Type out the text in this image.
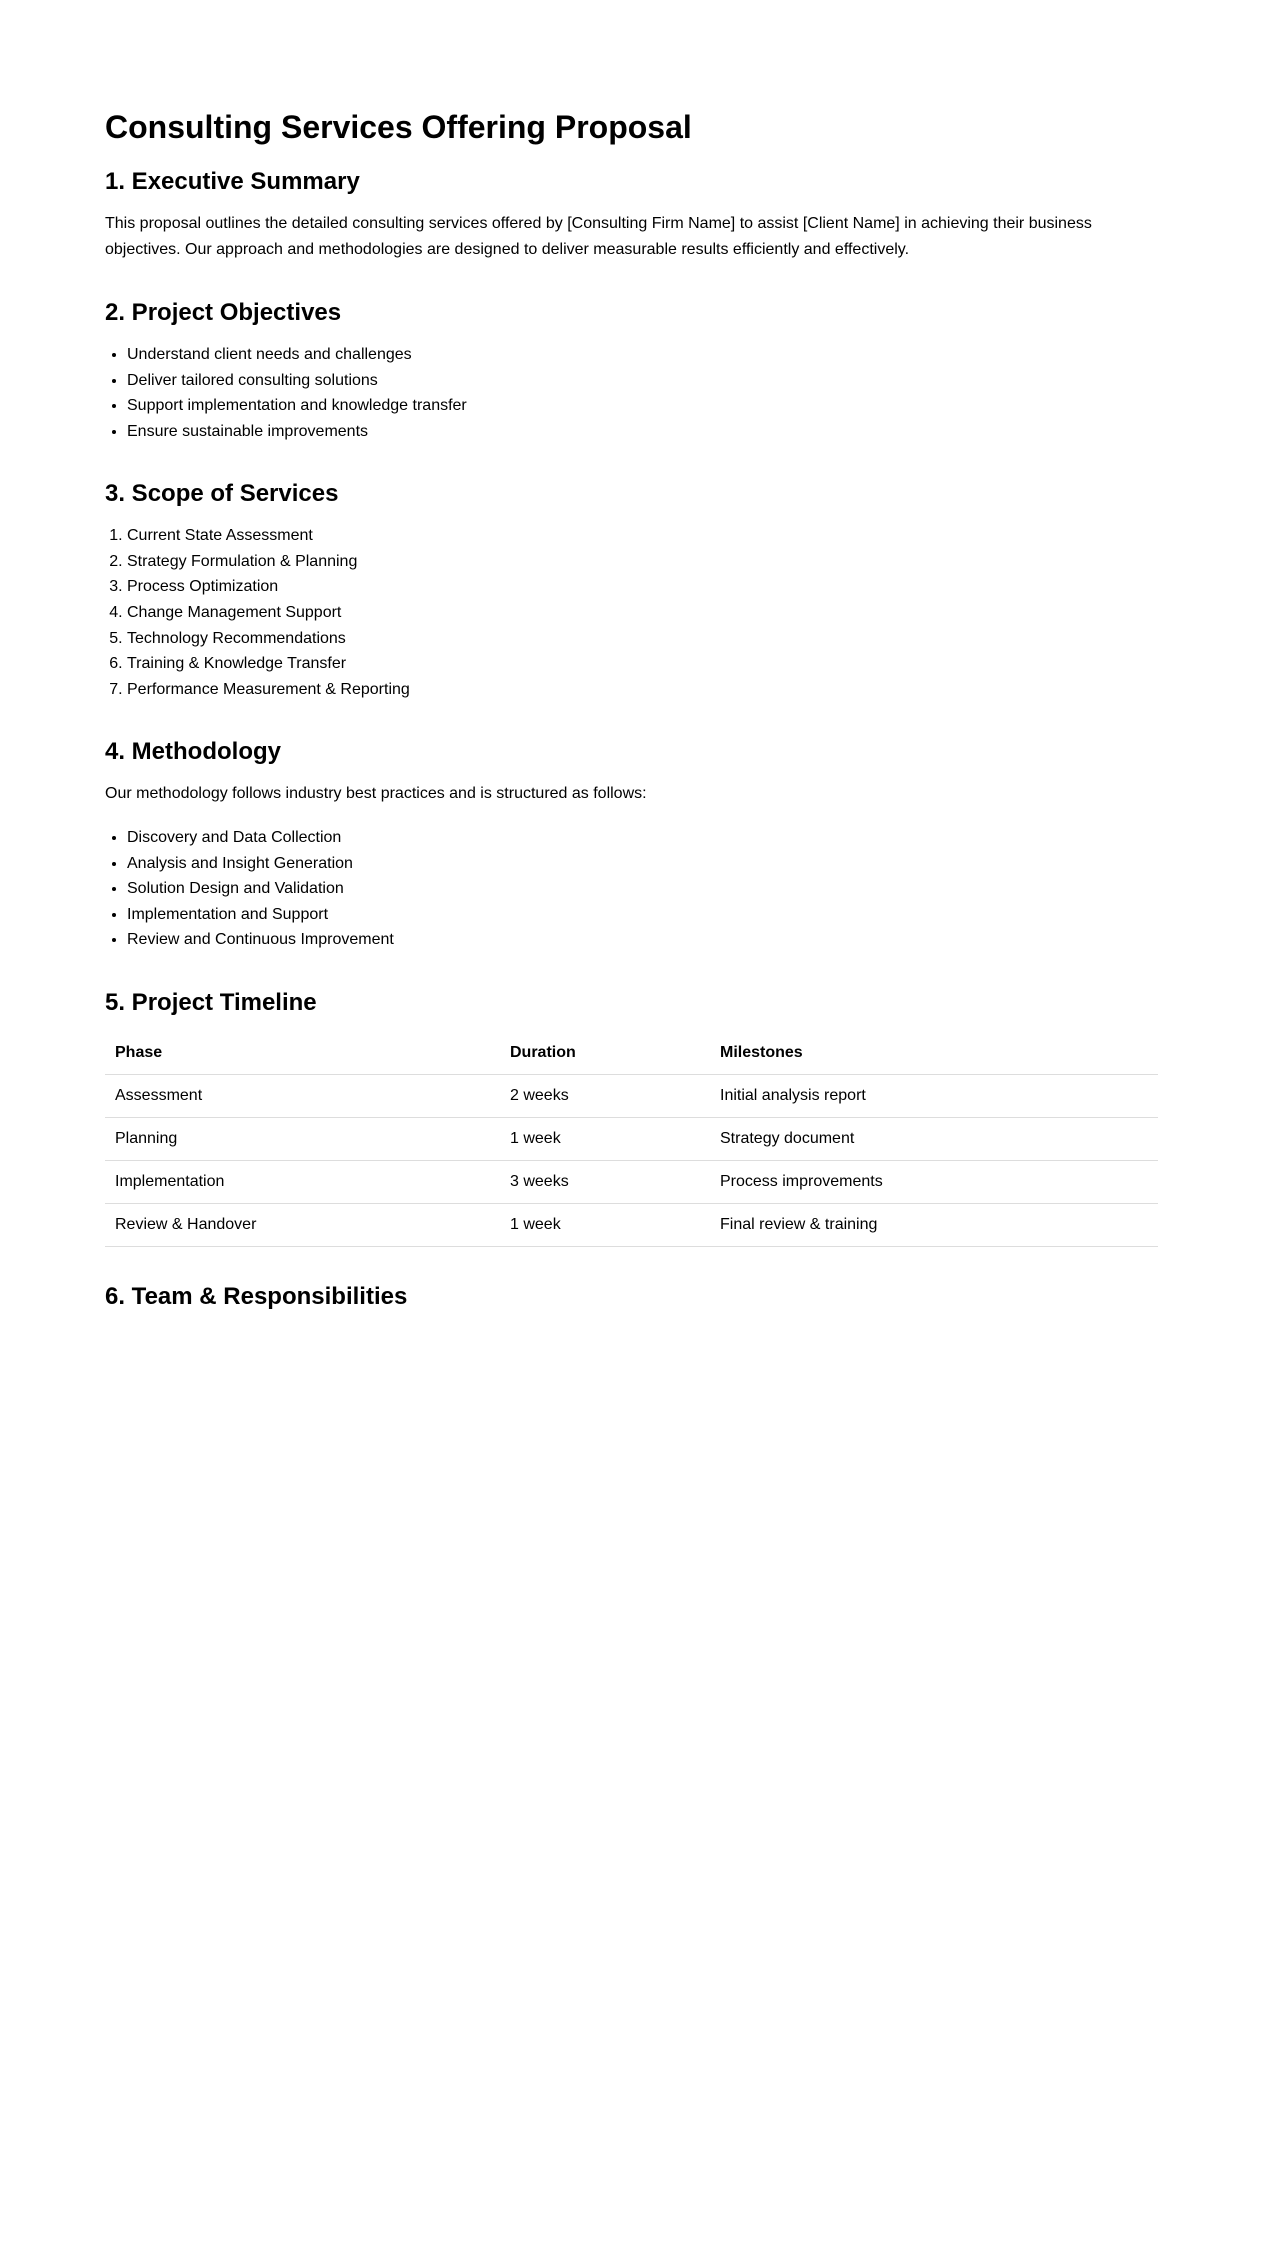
Consulting Services Offering Proposal
1. Executive Summary

This proposal outlines the detailed consulting services offered by [Consulting Firm Name] to assist [Client Name] in achieving their business objectives. Our approach and methodologies are designed to deliver measurable results efficiently and effectively.

2. Project Objectives
• Understand client needs and challenges
• Deliver tailored consulting solutions
• Support implementation and knowledge transfer
• Ensure sustainable improvements
3. Scope of Services
1. Current State Assessment
2. Strategy Formulation & Planning
3. Process Optimization
4. Change Management Support
5. Technology Recommendations
6. Training & Knowledge Transfer
7. Performance Measurement & Reporting
4. Methodology

Our methodology follows industry best practices and is structured as follows:

• Discovery and Data Collection
• Analysis and Insight Generation
• Solution Design and Validation
• Implementation and Support
• Review and Continuous Improvement
5. Project Timeline
Phase	Duration	Milestones
Assessment	2 weeks	Initial analysis report
Planning	1 week	Strategy document
Implementation	3 weeks	Process improvements
Review & Handover	1 week	Final review & training
6. Team & Responsibilities
